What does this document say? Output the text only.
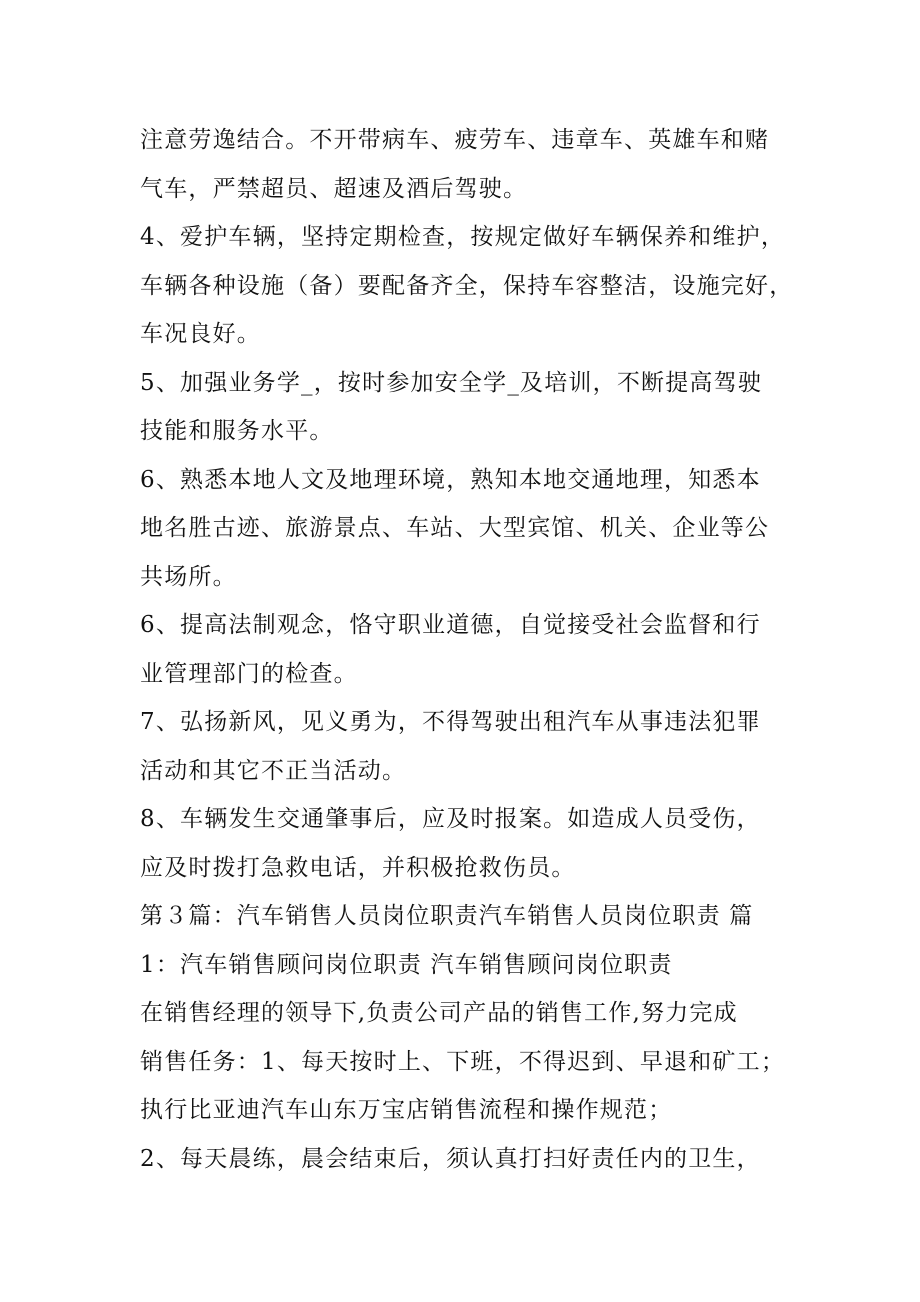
注意劳逸结合。不开带病车、疲劳车、违章车、英雄车和赌
气车，严禁超员、超速及酒后驾驶。
4、爱护车辆，坚持定期检查，按规定做好车辆保养和维护，
车辆各种设施（备）要配备齐全，保持车容整洁，设施完好，
车况良好。
5、加强业务学_，按时参加安全学_及培训，不断提高驾驶
技能和服务水平。
6、熟悉本地人文及地理环境，熟知本地交通地理，知悉本
地名胜古迹、旅游景点、车站、大型宾馆、机关、企业等公
共场所。
6、提高法制观念，恪守职业道德，自觉接受社会监督和行
业管理部门的检查。
7、弘扬新风，见义勇为，不得驾驶出租汽车从事违法犯罪
活动和其它不正当活动。
8、车辆发生交通肇事后，应及时报案。如造成人员受伤，
应及时拨打急救电话，并积极抢救伤员。
第３篇：汽车销售人员岗位职责汽车销售人员岗位职责 篇
1：汽车销售顾问岗位职责 汽车销售顾问岗位职责
在销售经理的领导下,负责公司产品的销售工作,努力完成
销售任务：1、每天按时上、下班，不得迟到、早退和矿工；
执行比亚迪汽车山东万宝店销售流程和操作规范；
2、每天晨练，晨会结束后，须认真打扫好责任内的卫生，
